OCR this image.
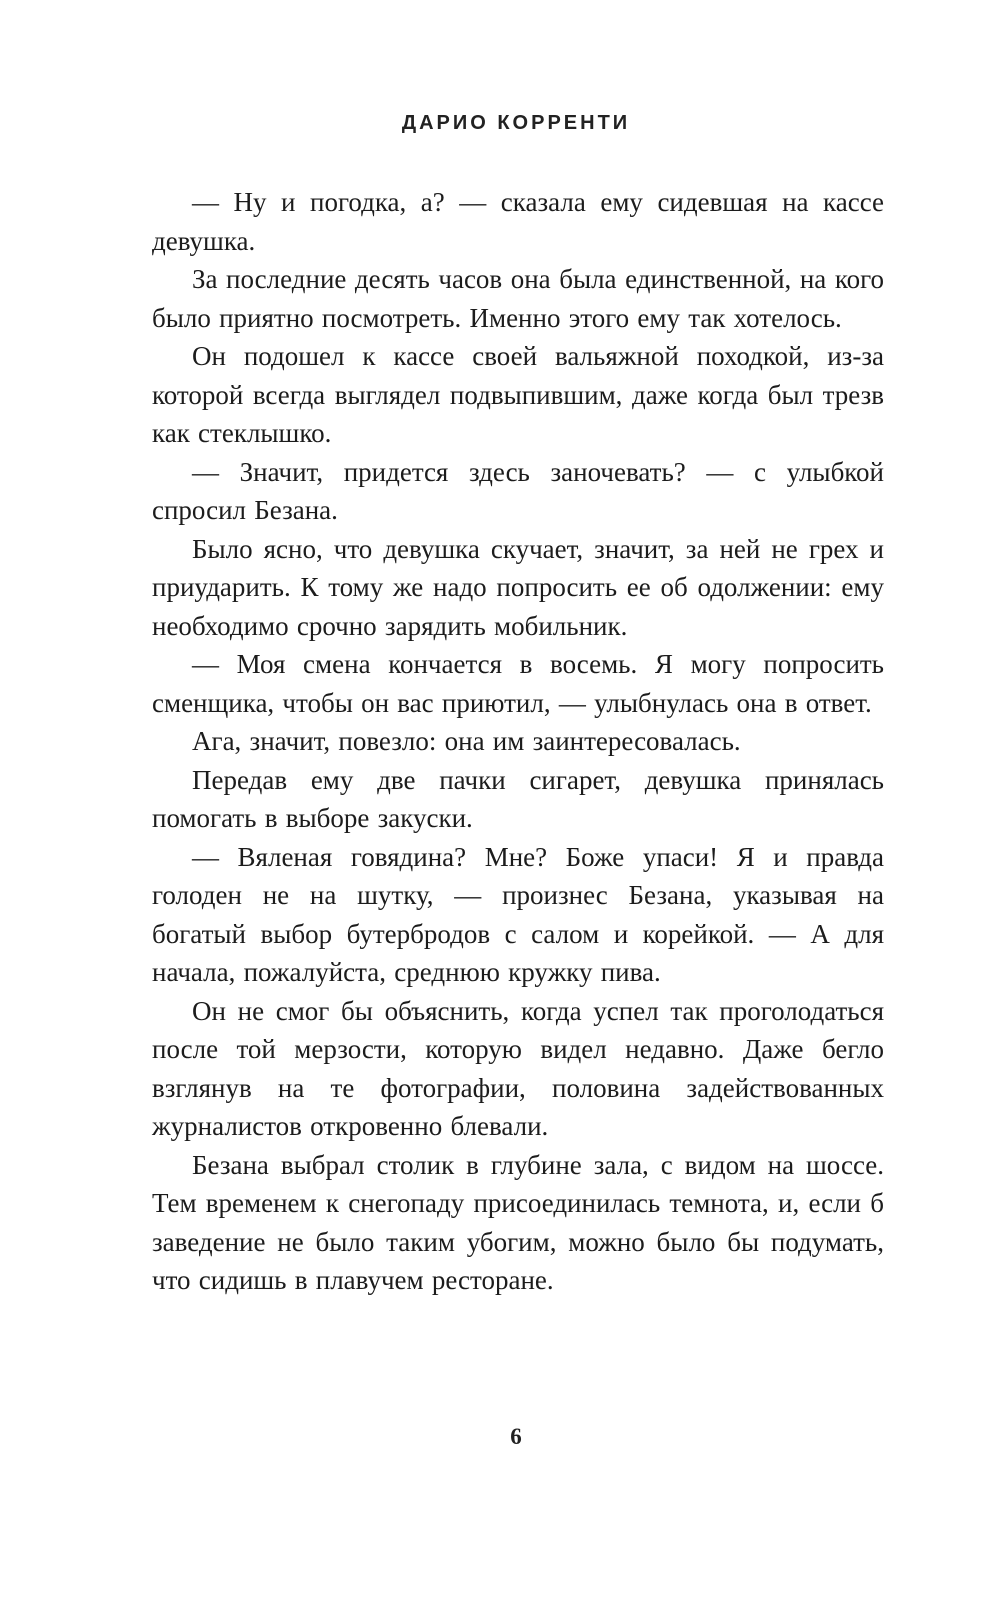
ДАРИО КОРРЕНТИ

— Ну и погодка, а? — сказала ему сидевшая на кассе девушка.

За последние десять часов она была единственной, на кого было приятно посмотреть. Именно этого ему так хотелось.

Он подошел к кассе своей вальяжной походкой, из-за которой всегда выглядел подвыпившим, даже когда был трезв как стеклышко.

— Значит, придется здесь заночевать? — с улыбкой спросил Безана.

Было ясно, что девушка скучает, значит, за ней не грех и приударить. К тому же надо попросить ее об одолжении: ему необходимо срочно зарядить мобильник.

— Моя смена кончается в восемь. Я могу попросить сменщика, чтобы он вас приютил, — улыбнулась она в ответ.

Ага, значит, повезло: она им заинтересовалась.

Передав ему две пачки сигарет, девушка принялась помогать в выборе закуски.

— Вяленая говядина? Мне? Боже упаси! Я и правда голоден не на шутку, — произнес Безана, указывая на богатый выбор бутербродов с салом и корейкой. — А для начала, пожалуйста, среднюю кружку пива.

Он не смог бы объяснить, когда успел так проголодаться после той мерзости, которую видел недавно. Даже бегло взглянув на те фотографии, половина задействованных журналистов откровенно блевали.

Безана выбрал столик в глубине зала, с видом на шоссе. Тем временем к снегопаду присоединилась темнота, и, если б заведение не было таким убогим, можно было бы подумать, что сидишь в плавучем ресторане.

6
